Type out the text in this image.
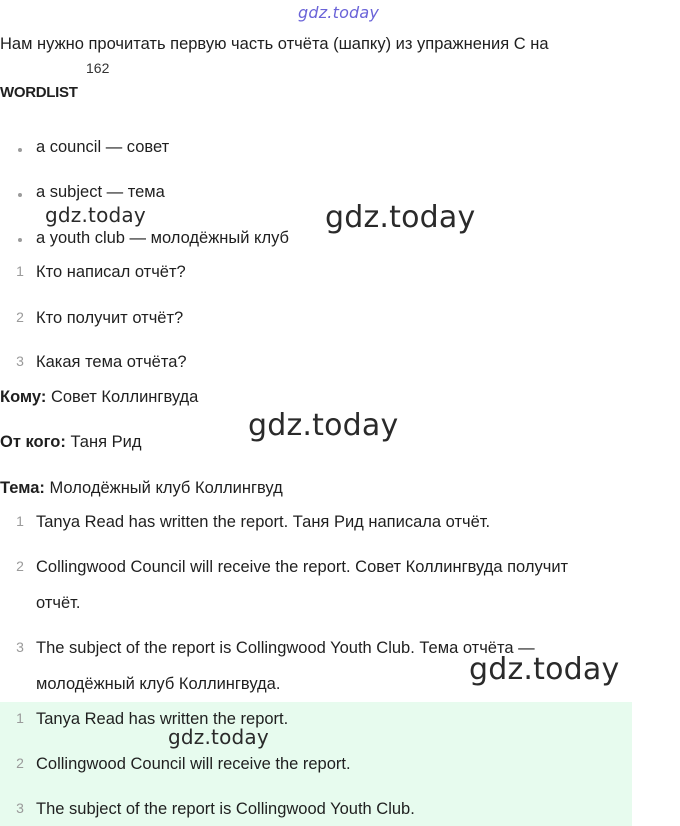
gdz.today
gdz.today	gdz.today
gdz.today
gdz.today
gdz.today
Нам нужно прочитать первую часть отчёта (шапку) из упражнения С на
162
WORDLIST
a council — совет
a subject — тема
a youth club — молодёжный клуб
1 Кто написал отчёт?
2 Кто получит отчёт?
3 Какая тема отчёта?
Кому: Совет Коллингвуда
От кого: Таня Рид
Тема: Молодёжный клуб Коллингвуд
1 Tanya Read has written the report. Таня Рид написала отчёт.
2 Collingwood Council will receive the report. Совет Коллингвуда получит
отчёт.
3 The subject of the report is Collingwood Youth Club. Тема отчёта —
молодёжный клуб Коллингвуда.
1 Tanya Read has written the report.
2 Collingwood Council will receive the report.
3 The subject of the report is Collingwood Youth Club.
